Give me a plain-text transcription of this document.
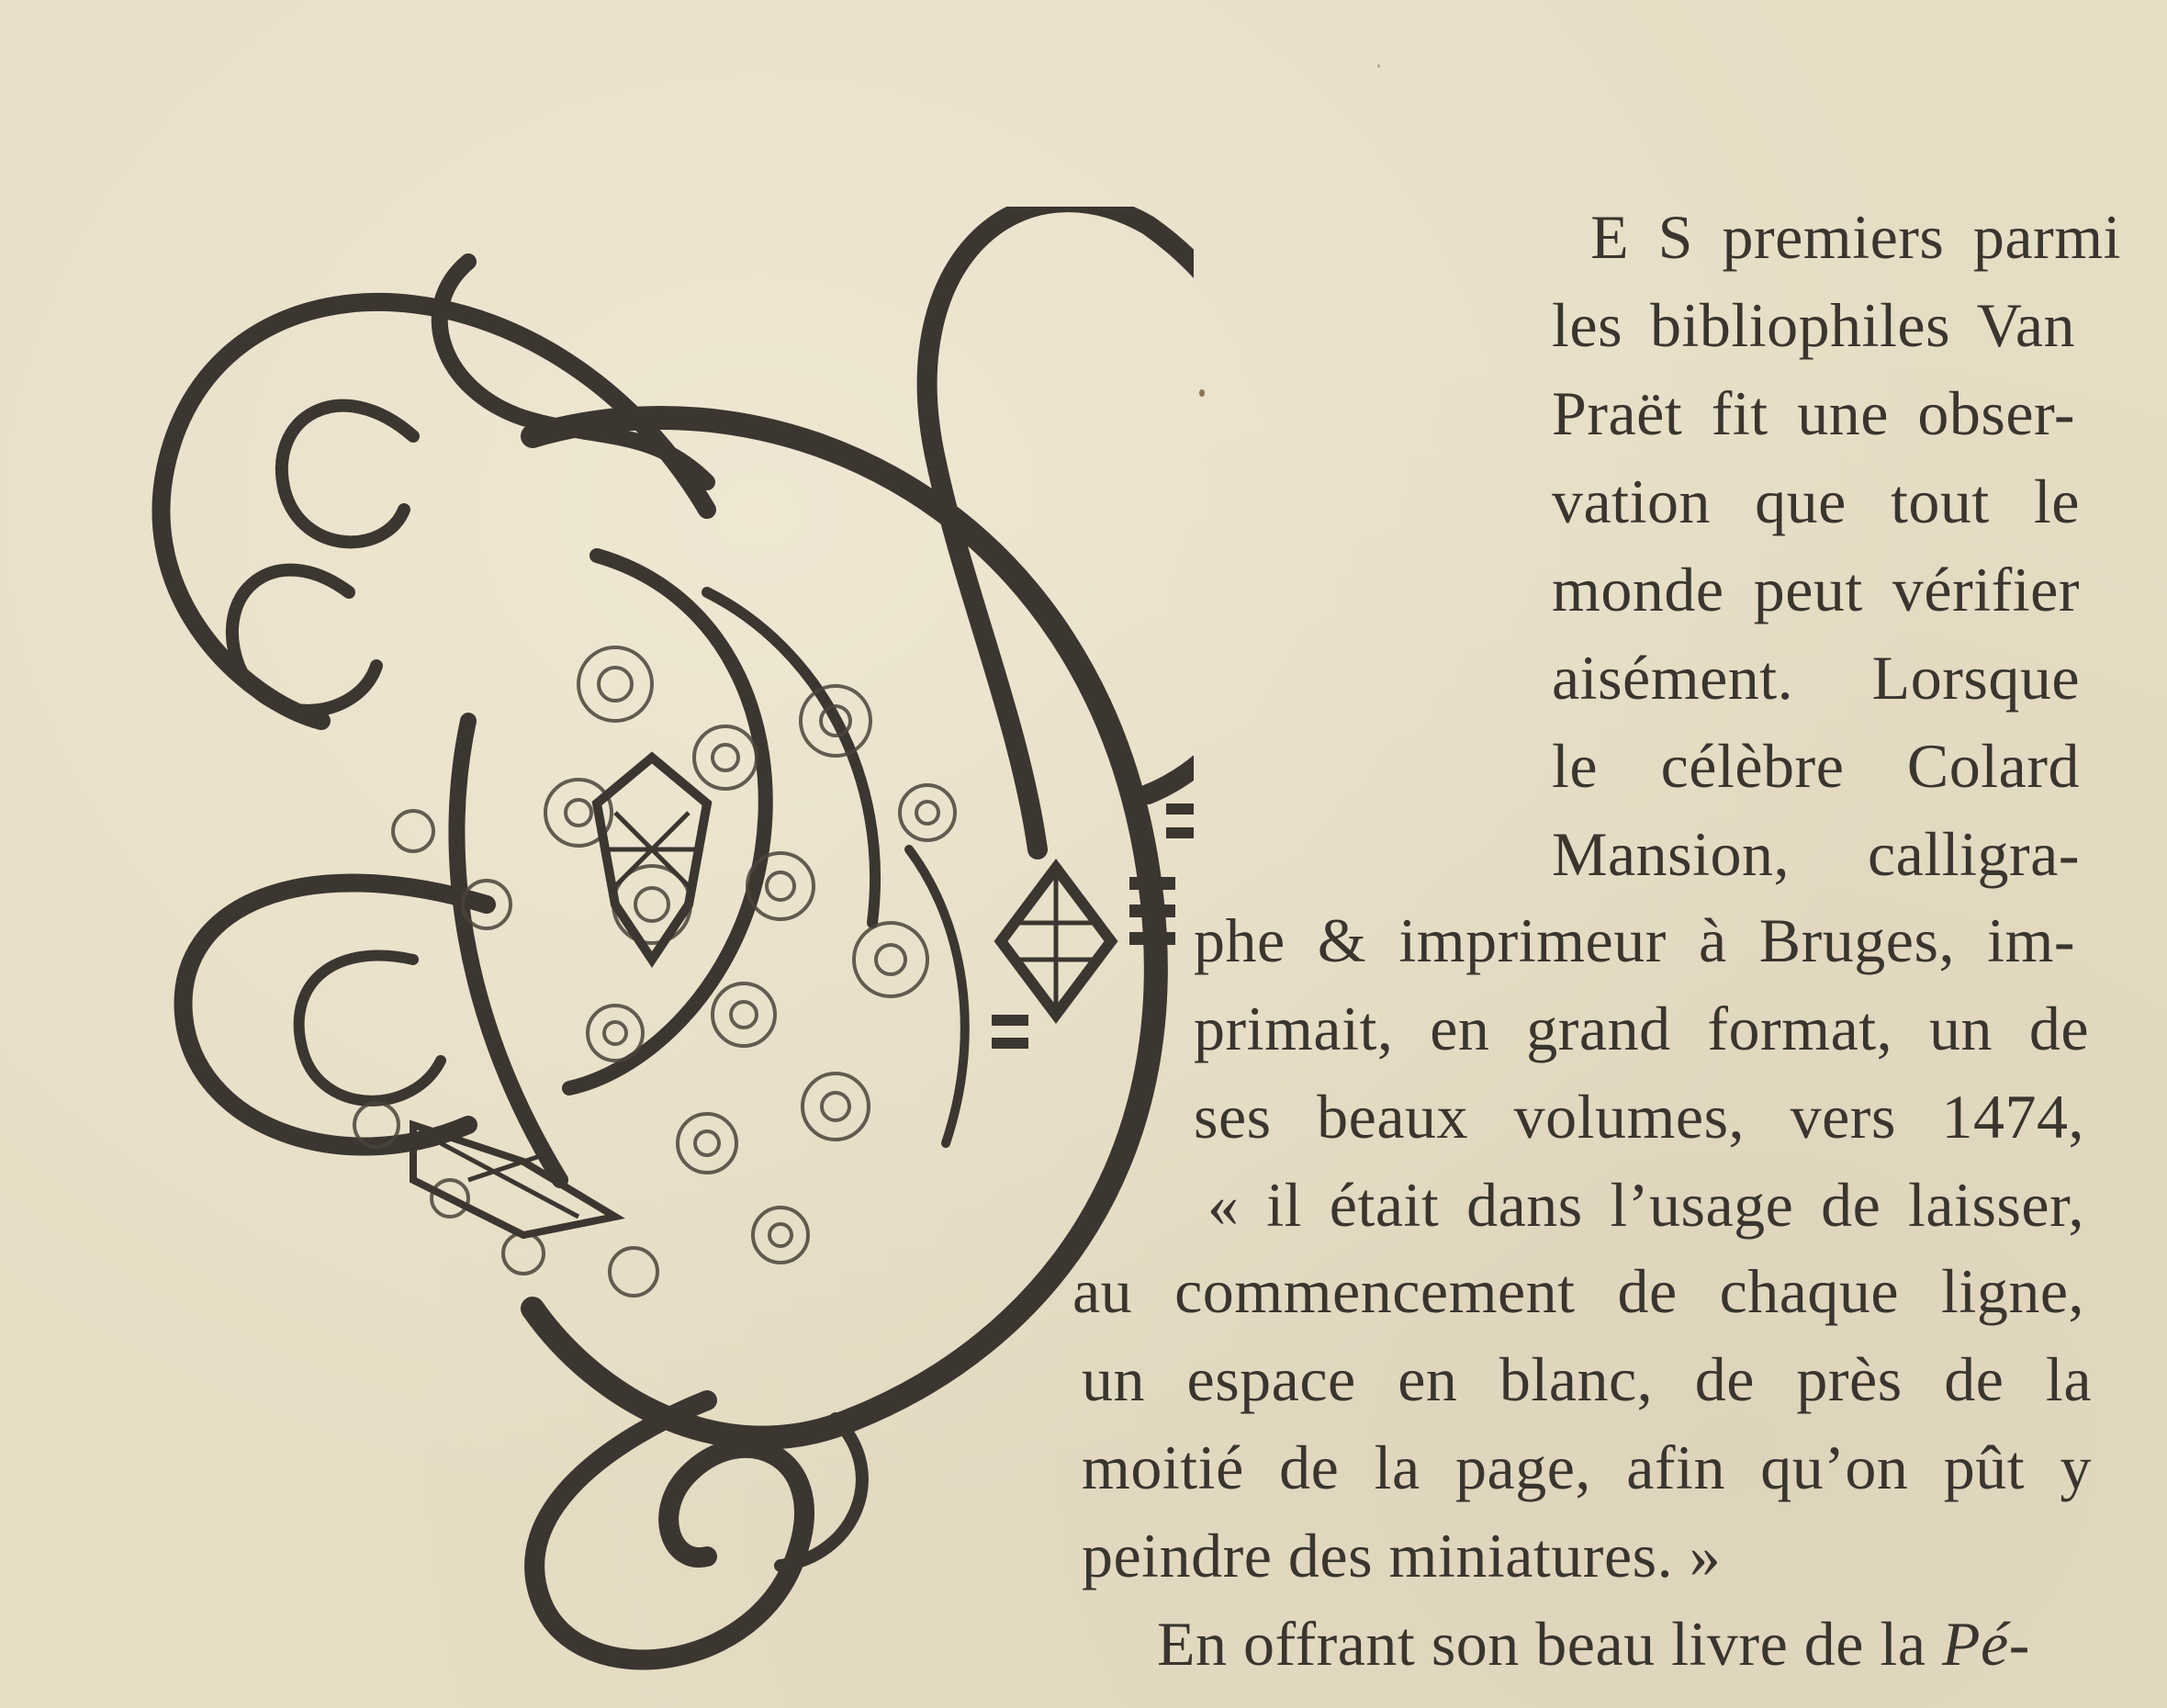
E S premiers parmi
les bibliophiles Van
Praët fit une obser-
vation que tout le
monde peut vérifier
aisément. Lorsque
le célèbre Colard
Mansion, calligra-
phe & imprimeur à Bruges, im-
primait, en grand format, un de
ses beaux volumes, vers 1474,
« il était dans l’usage de laisser,
au commencement de chaque ligne,
un espace en blanc, de près de la
moitié de la page, afin qu’on pût y
peindre des miniatures. »
En offrant son beau livre de la Pé-
